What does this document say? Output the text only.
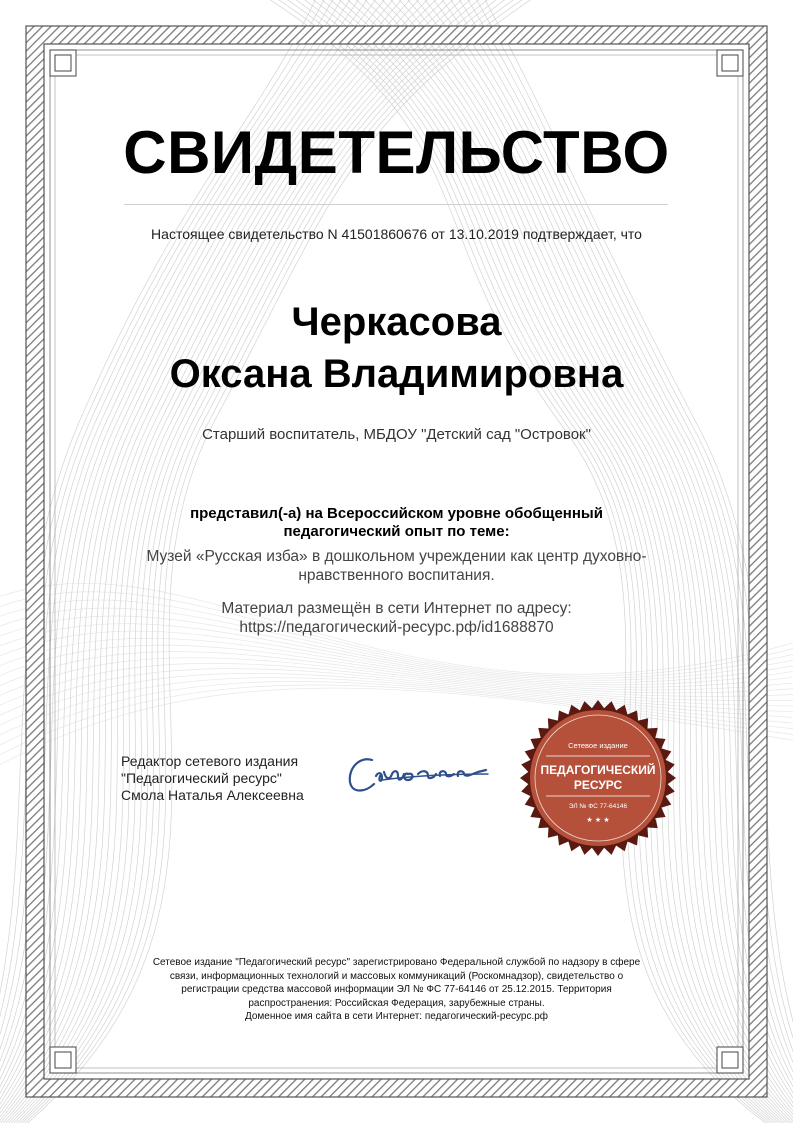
СВИДЕТЕЛЬСТВО
Настоящее свидетельство N 41501860676 от 13.10.2019 подтверждает, что
Черкасова
Оксана Владимировна
Старший воспитатель, МБДОУ "Детский сад "Островок"
представил(-а) на Всероссийском уровне обобщенный
педагогический опыт по теме:
Музей «Русская изба» в дошкольном учреждении как центр духовно-
нравственного воспитания.
Материал размещён в сети Интернет по адресу:
https://педагогический-ресурс.рф/id1688870
Редактор сетевого издания
"Педагогический ресурс"
Смола Наталья Алексеевна
Сетевое издание
ПЕДАГОГИЧЕСКИЙ
РЕСУРС
ЭЛ № ФС 77-64146
★ ★ ★
Сетевое издание "Педагогический ресурс" зарегистрировано Федеральной службой по надзору в сфере
связи, информационных технологий и массовых коммуникаций (Роскомнадзор), свидетельство о
регистрации средства массовой информации ЭЛ № ФС 77-64146 от 25.12.2015. Территория
распространения: Российская Федерация, зарубежные страны.
Доменное имя сайта в сети Интернет: педагогический-ресурс.рф
